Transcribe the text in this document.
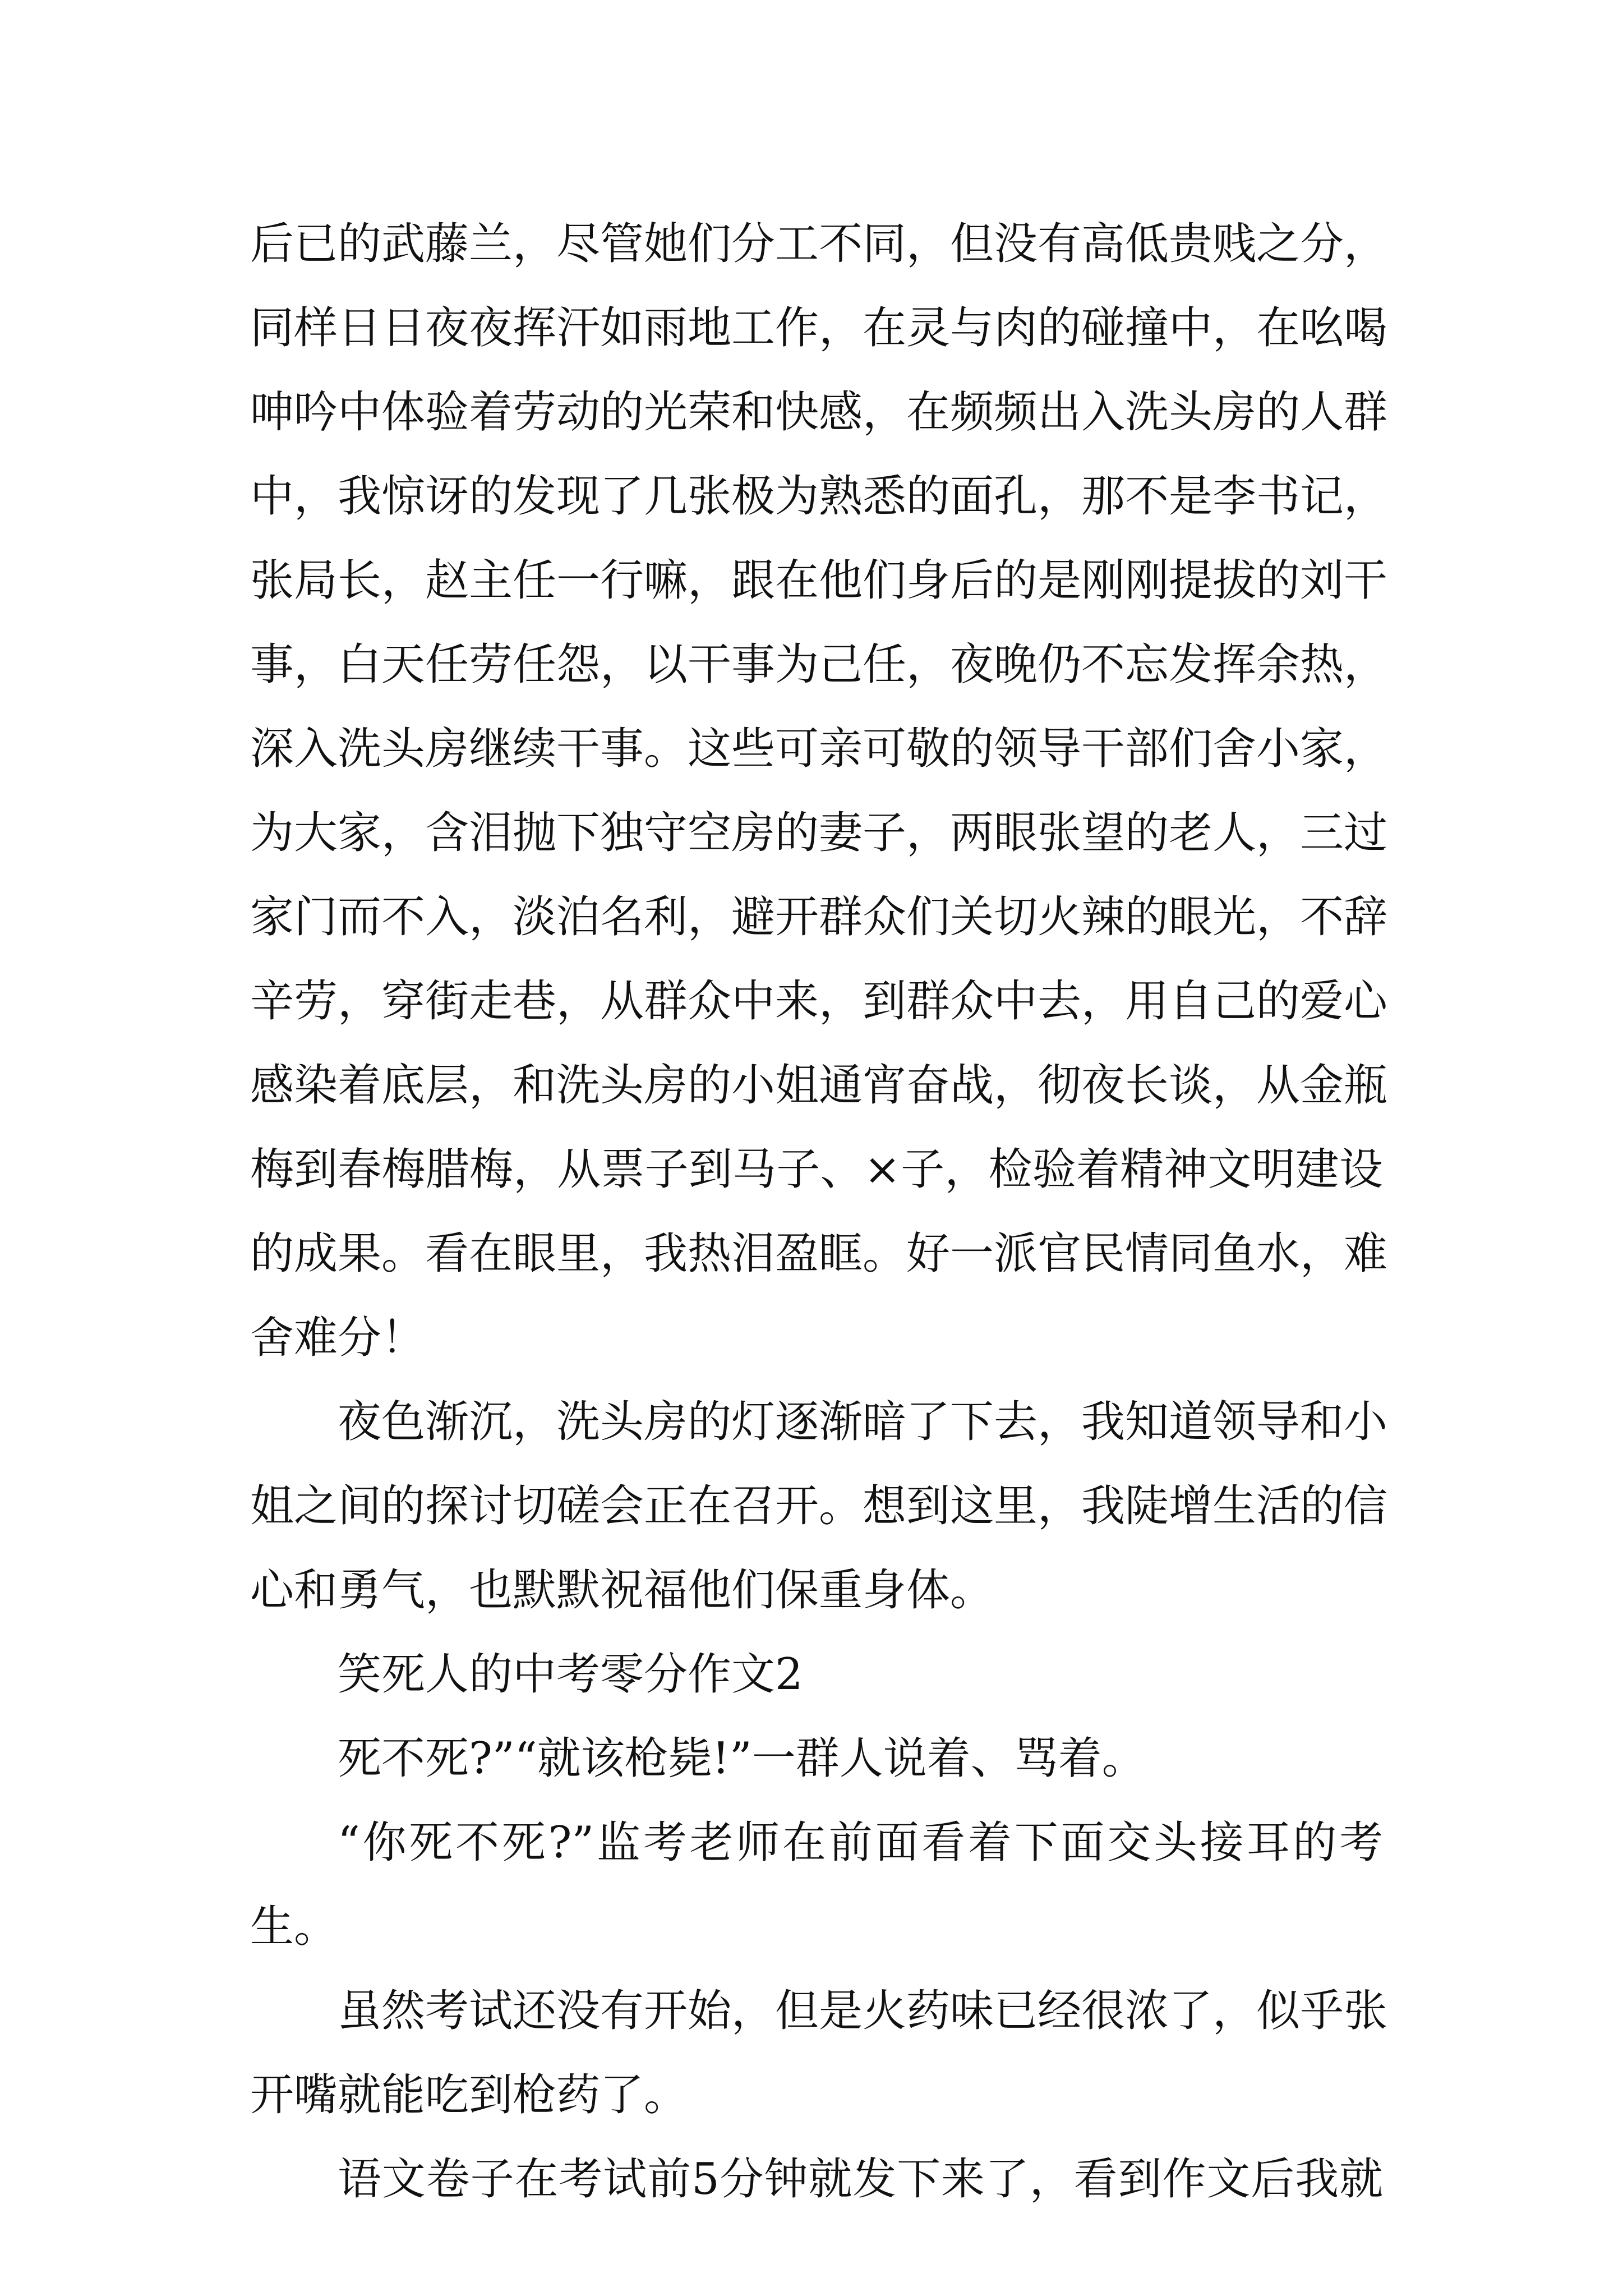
后已的武藤兰，尽管她们分工不同，但没有高低贵贱之分，
同样日日夜夜挥汗如雨地工作，在灵与肉的碰撞中，在吆喝
呻吟中体验着劳动的光荣和快感，在频频出入洗头房的人群
中，我惊讶的发现了几张极为熟悉的面孔，那不是李书记，
张局长，赵主任一行嘛，跟在他们身后的是刚刚提拔的刘干
事，白天任劳任怨，以干事为己任，夜晚仍不忘发挥余热，
深入洗头房继续干事。这些可亲可敬的领导干部们舍小家，
为大家，含泪抛下独守空房的妻子，两眼张望的老人，三过
家门而不入，淡泊名利，避开群众们关切火辣的眼光，不辞
辛劳，穿街走巷，从群众中来，到群众中去，用自己的爱心
感染着底层，和洗头房的小姐通宵奋战，彻夜长谈，从金瓶
梅到春梅腊梅，从票子到马子、×子，检验着精神文明建设
的成果。看在眼里，我热泪盈眶。好一派官民情同鱼水，难
舍难分！
夜色渐沉，洗头房的灯逐渐暗了下去，我知道领导和小
姐之间的探讨切磋会正在召开。想到这里，我陡增生活的信
心和勇气，也默默祝福他们保重身体。
笑死人的中考零分作文2
死不死?”“就该枪毙!”一群人说着、骂着。
“你死不死?”监考老师在前面看着下面交头接耳的考
生。
虽然考试还没有开始，但是火药味已经很浓了，似乎张
开嘴就能吃到枪药了。
语文卷子在考试前5分钟就发下来了，看到作文后我就
